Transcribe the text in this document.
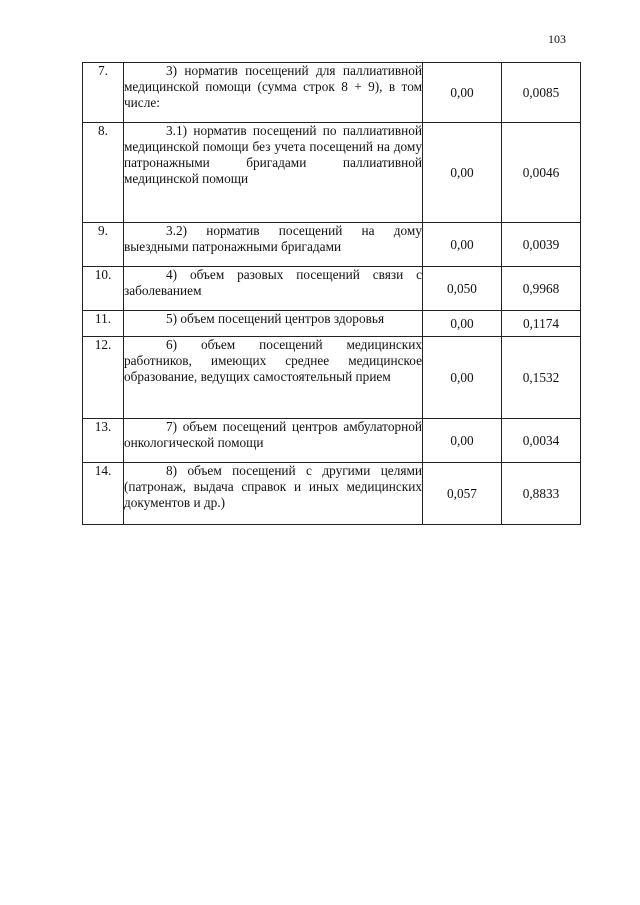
103
7.	3) норматив посещений для паллиативной медицинской помощи (сумма строк 8 + 9), в том числе:	0,00	0,0085
8.	3.1) норматив посещений по паллиативной медицинской помощи без учета посещений на дому патронажными бригадами паллиативной медицинской помощи	0,00	0,0046
9.	3.2) норматив посещений на дому выездными патронажными бригадами	0,00	0,0039
10.	4) объем разовых посещений связи с заболеванием	0,050	0,9968
11.	5) объем посещений центров здоровья	0,00	0,1174
12.	6) объем посещений медицинских работников, имеющих среднее медицинское образование, ведущих самостоятельный прием	0,00	0,1532
13.	7) объем посещений центров амбулаторной онкологической помощи	0,00	0,0034
14.	8) объем посещений с другими целями (патронаж, выдача справок и иных медицинских документов и др.)	0,057	0,8833
